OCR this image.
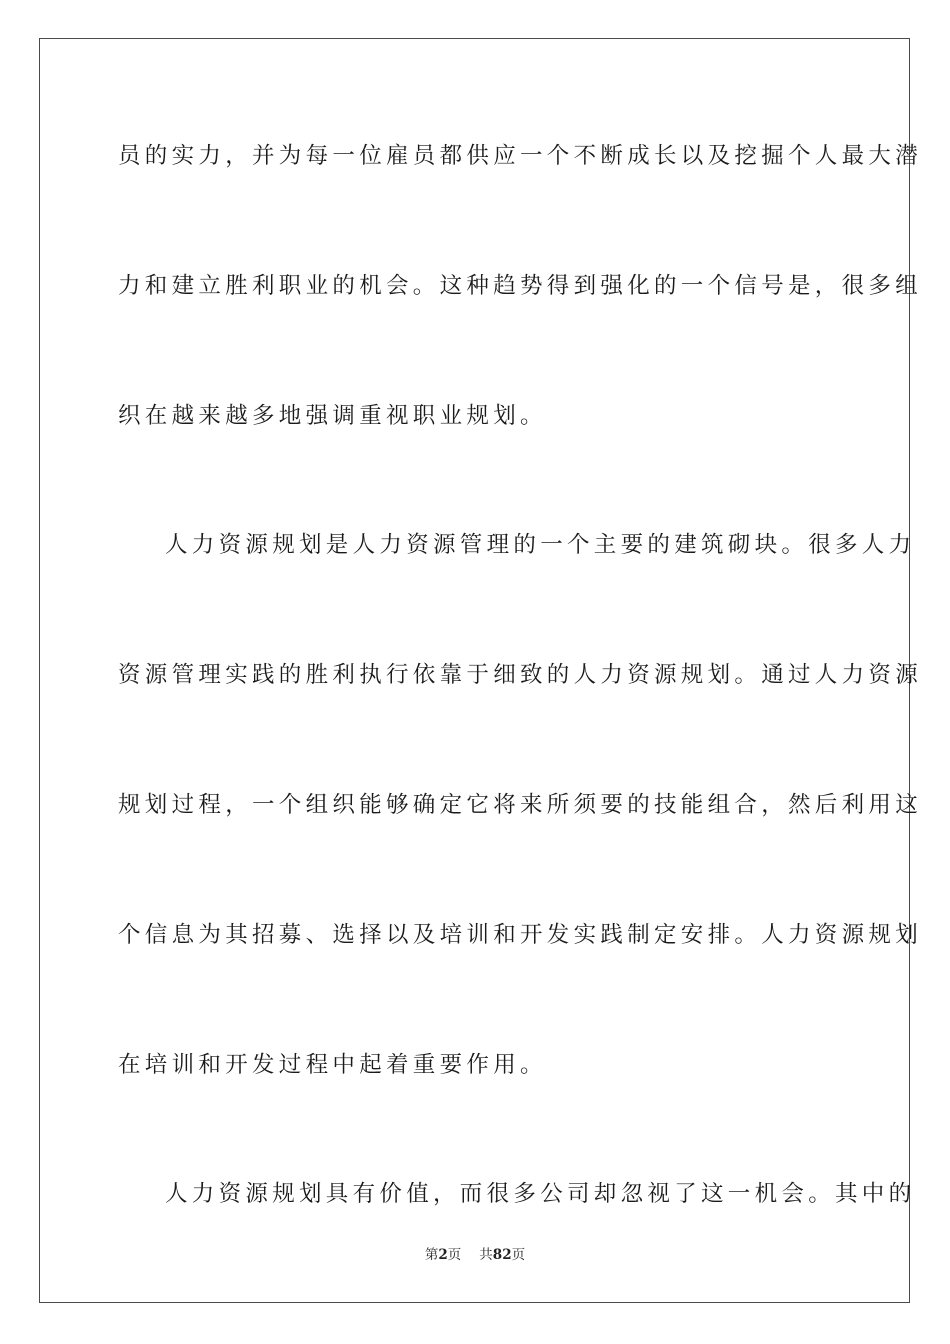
员的实力，并为每一位雇员都供应一个不断成长以及挖掘个人最大潜
力和建立胜利职业的机会。这种趋势得到强化的一个信号是，很多组
织在越来越多地强调重视职业规划。
人力资源规划是人力资源管理的一个主要的建筑砌块。很多人力
资源管理实践的胜利执行依靠于细致的人力资源规划。通过人力资源
规划过程，一个组织能够确定它将来所须要的技能组合，然后利用这
个信息为其招募、选择以及培训和开发实践制定安排。人力资源规划
在培训和开发过程中起着重要作用。
人力资源规划具有价值，而很多公司却忽视了这一机会。其中的
第2页 共82页
